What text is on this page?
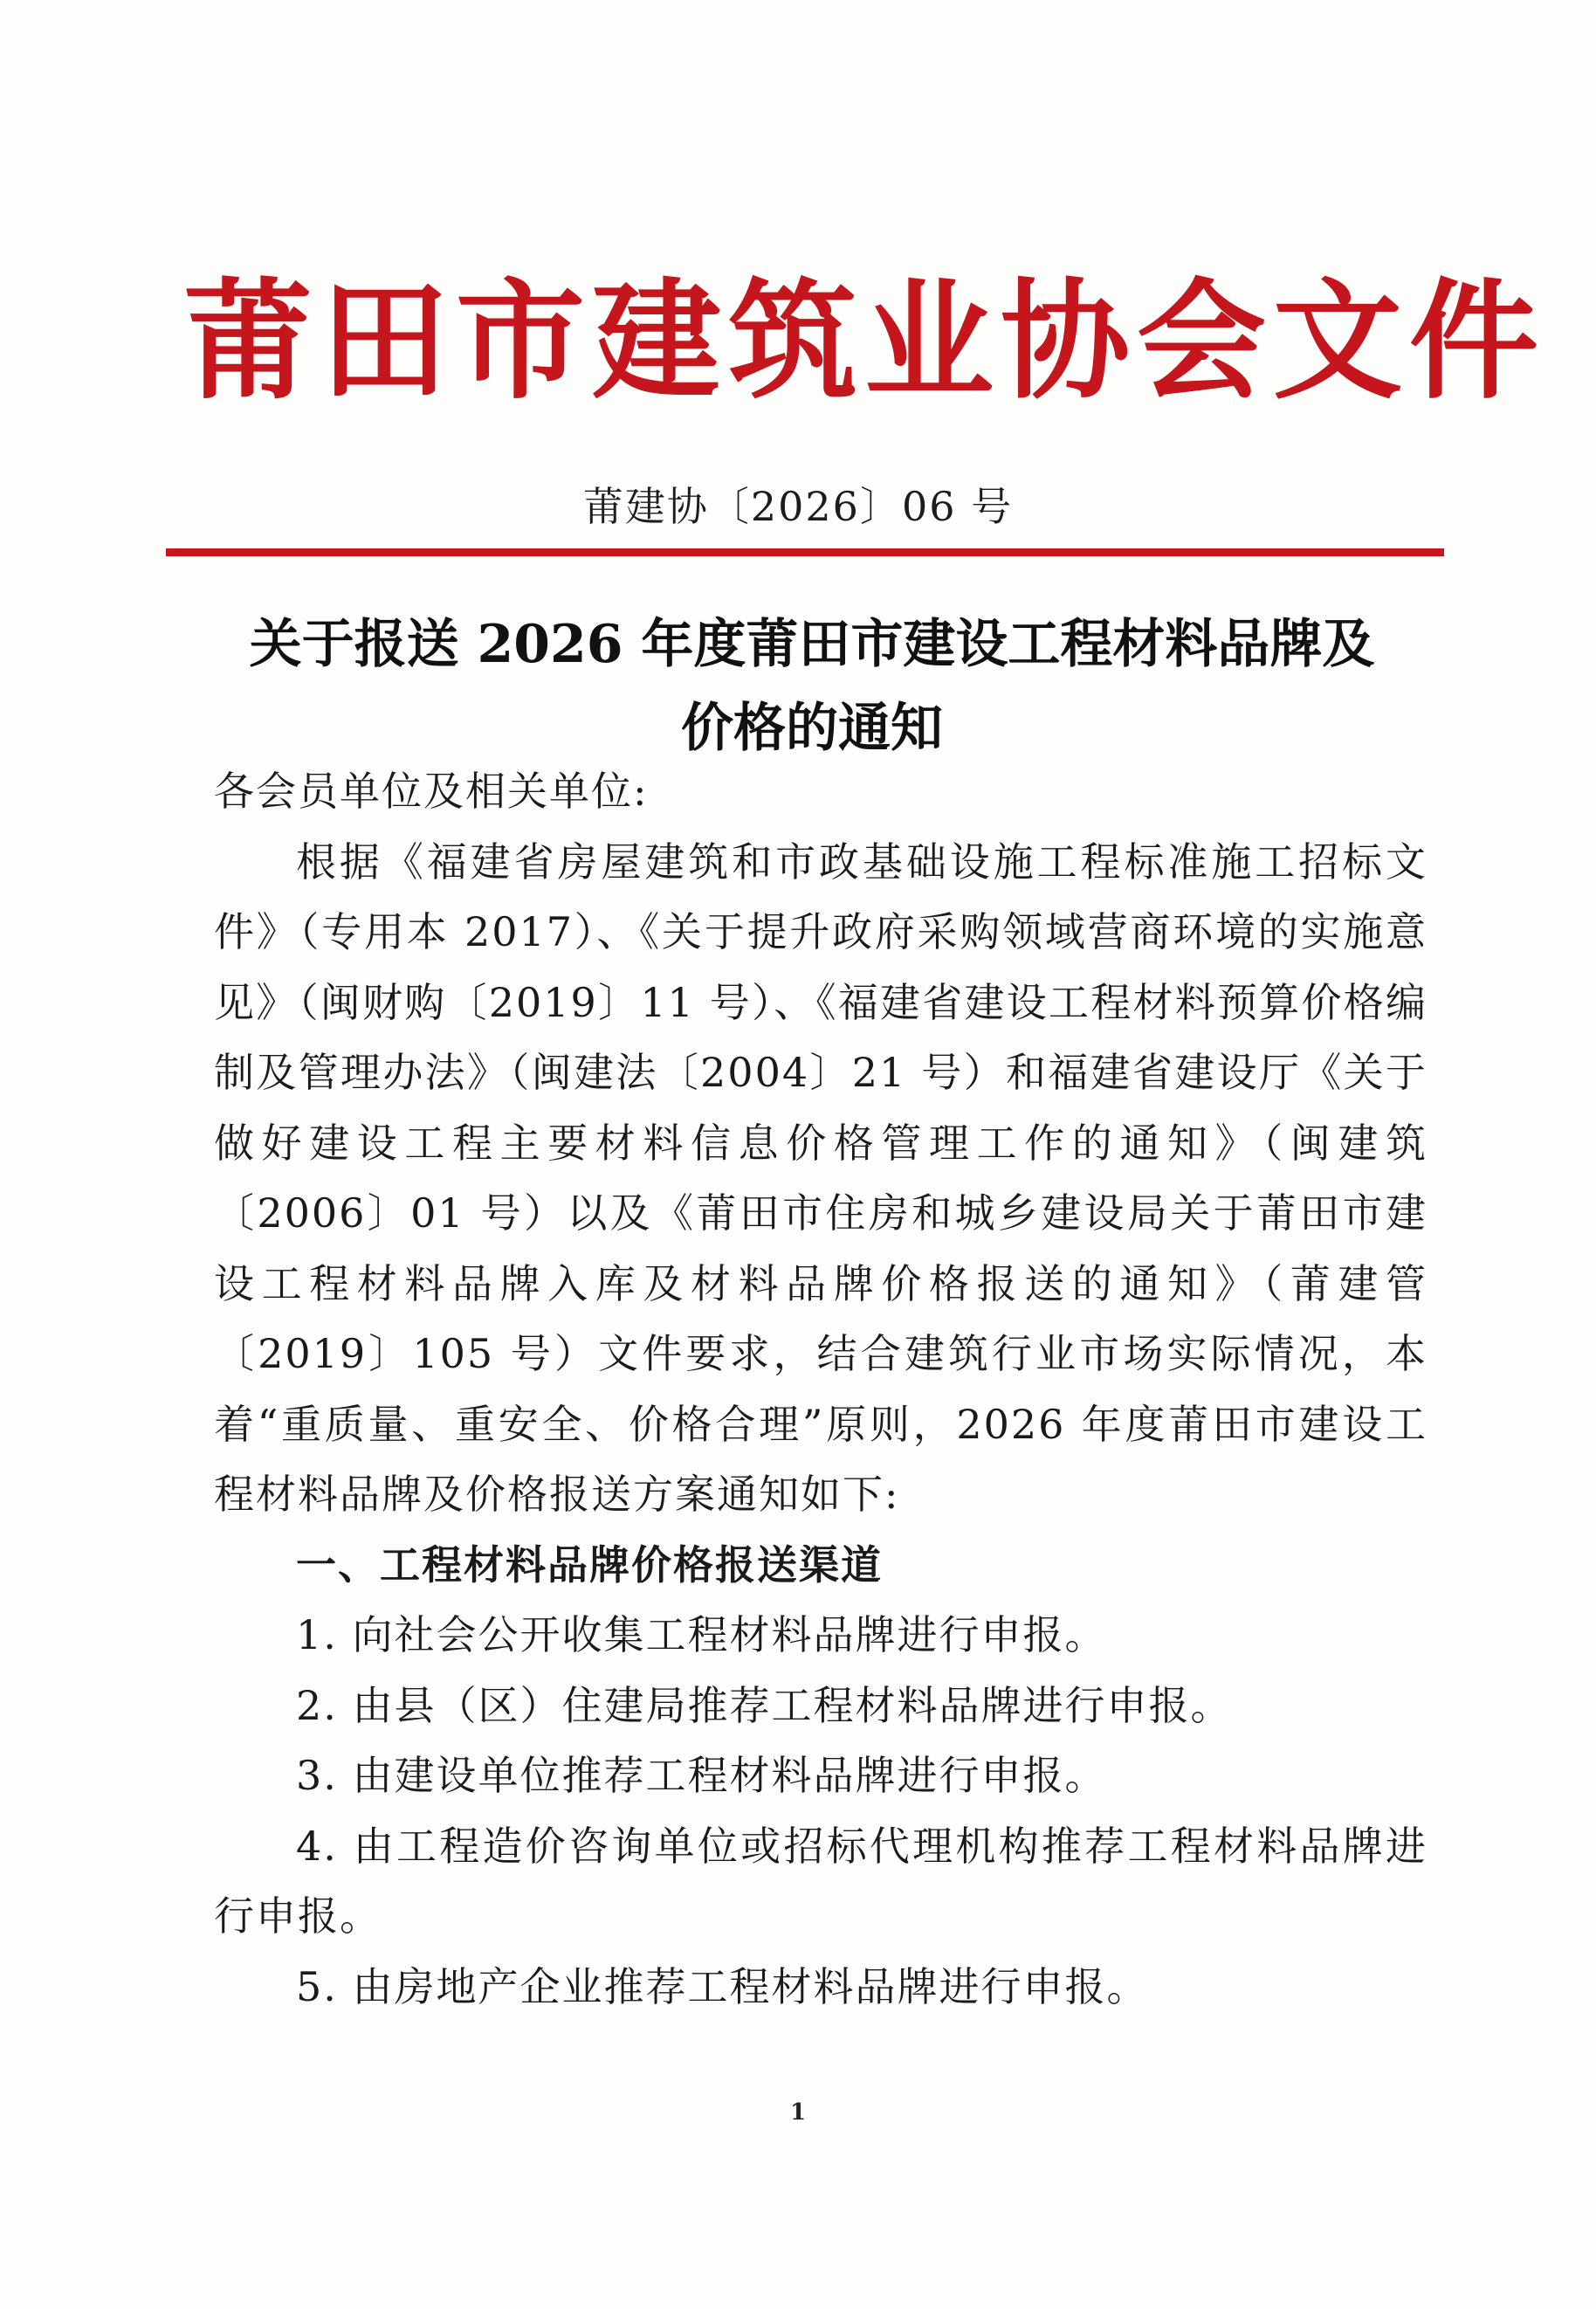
莆田市建筑业协会文件
莆建协〔2026〕06 号
关于报送 2026 年度莆田市建设工程材料品牌及
价格的通知

各会员单位及相关单位:

根据《福建省房屋建筑和市政基础设施工程标准施工招标文件》（专用本 2017）、《关于提升政府采购领域营商环境的实施意见》（闽财购〔2019〕11 号）、《福建省建设工程材料预算价格编制及管理办法》（闽建法〔2004〕21 号）和福建省建设厅《关于做好建设工程主要材料信息价格管理工作的通知》（闽建筑〔2006〕01 号）以及《莆田市住房和城乡建设局关于莆田市建设工程材料品牌入库及材料品牌价格报送的通知》（莆建管〔2019〕105 号）文件要求，结合建筑行业市场实际情况，本着“重质量、重安全、价格合理”原则，2026 年度莆田市建设工程材料品牌及价格报送方案通知如下:

一、工程材料品牌价格报送渠道

1. 向社会公开收集工程材料品牌进行申报。

2. 由县（区）住建局推荐工程材料品牌进行申报。

3. 由建设单位推荐工程材料品牌进行申报。

4. 由工程造价咨询单位或招标代理机构推荐工程材料品牌进行申报。

5. 由房地产企业推荐工程材料品牌进行申报。

1
